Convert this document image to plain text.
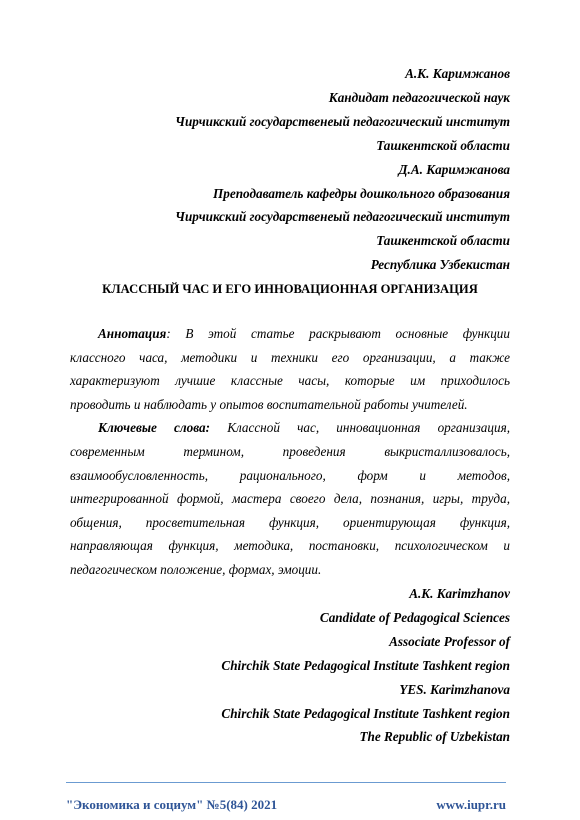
А.К. Каримжанов
Кандидат педагогической наук
Чирчикский государственеый педагогический институт
Ташкентской области
Д.А. Каримжанова
Преподаватель кафедры дошкольного образования
Чирчикский государственеый педагогический институт
Ташкентской области
Республика Узбекистан
КЛАССНЫЙ ЧАС И ЕГО ИННОВАЦИОННАЯ ОРГАНИЗАЦИЯ

Аннотация: В этой статье раскрывают основные функции

классного часа, методики и техники его организации, а также

характеризуют лучшие классные часы, которые им приходилось

проводить и наблюдать у опытов воспитательной работы учителей.

Ключевые слова: Классной час, инновационная организация,

современным термином, проведения выкристаллизовалось,

взаимообусловленность, рационального, форм и методов,

интегрированной формой, мастера своего дела, познания, игры, труда,

общения, просветительная функция, ориентирующая функция,

направляющая функция, методика, постановки, психологическом и

педагогическом положение, формах, эмоции.

A.K. Karimzhanov
Candidate of Pedagogical Sciences
Associate Professor of
Chirchik State Pedagogical Institute Tashkent region
YES. Karimzhanova
Chirchik State Pedagogical Institute Tashkent region
The Republic of Uzbekistan
"Экономика и социум" №5(84) 2021	www.iupr.ru
